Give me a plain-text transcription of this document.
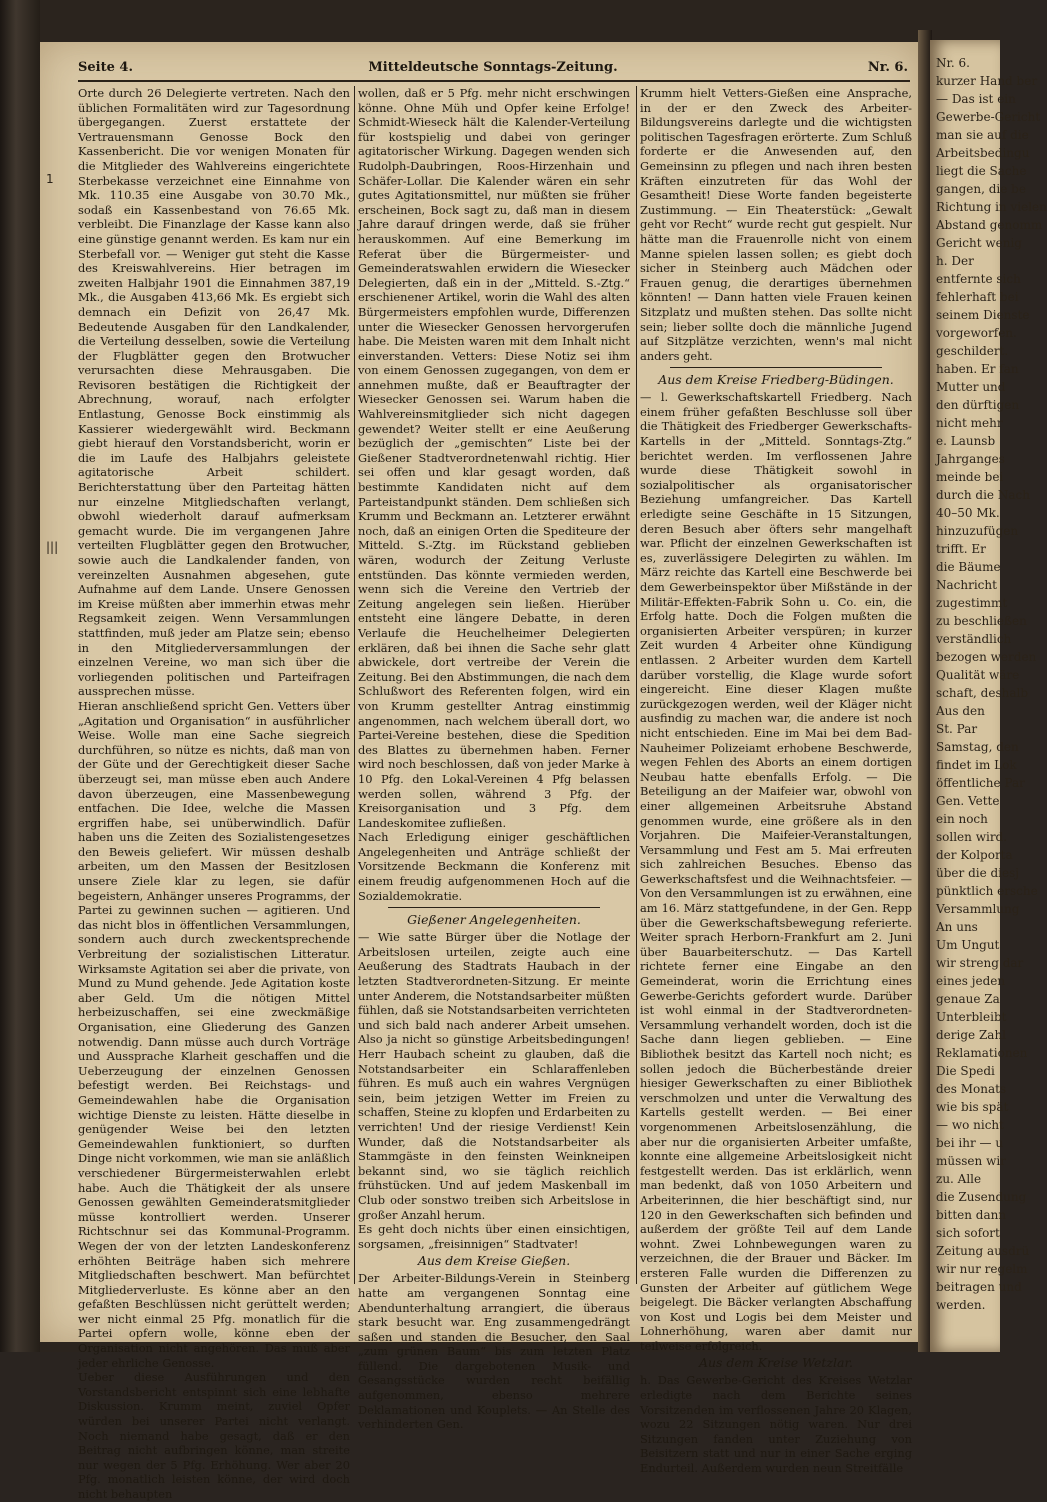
Nr. 6.
kurzer Hand ber
— Das ist ein
Gewerbe-Gericht
man sie auf die
Arbeitsbedingu
liegt die Sache
gangen, die be
Richtung in vielen
Abstand genomm
Gericht wenig
h. Der
entfernte sich
fehlerhaft bei
seinem Dienste
vorgeworfen.
geschildert.
haben. Er fan
Mutter und
den dürftigen
nicht mehr
e. Launsb
Jahrganges
meinde bei
durch die Nach
40–50 Mk.
hinzuzufügen
trifft. Er
die Bäume
Nachricht
zugestimmt
zu beschließen
verständlich
bezogen werden
Qualität wäre
schaft, deshalb
Aus den
St. Par
Samstag, den
findet im Lok
öffentliche Par
Gen. Vette
ein noch
sollen wird.
der Kolporta
über die diesj
pünktlich ersche
Versammlung
An uns
Um Ungut
wir streng dar
eines jeden
genaue Za
Unterbleibt
derige Zahl
Reklamationen
Die Spedi
des Monats
wie bis spät
— wo nicht
bei ihr — u
müssen wir
zu. Alle
die Zusendung
bitten dann
sich sofort
Zeitung ausdrü
wir nur regelm
beitragen und
werden.
Seite 4.	Mitteldeutsche Sonntags-Zeitung.	Nr. 6.
1
|||

Orte durch 26 Delegierte vertreten. Nach den üblichen Formalitäten wird zur Tagesordnung übergegangen. Zuerst erstattete der Vertrauensmann Genosse Bock den Kassenbericht. Die vor wenigen Monaten für die Mitglieder des Wahlvereins eingerichtete Sterbekasse verzeichnet eine Einnahme von Mk. 110.35 eine Ausgabe von 30.70 Mk., sodaß ein Kassenbestand von 76.65 Mk. verbleibt. Die Finanzlage der Kasse kann also eine günstige genannt werden. Es kam nur ein Sterbefall vor. — Weniger gut steht die Kasse des Kreiswahlvereins. Hier betragen im zweiten Halbjahr 1901 die Einnahmen 387,19 Mk., die Ausgaben 413,66 Mk. Es ergiebt sich demnach ein Defizit von 26,47 Mk. Bedeutende Ausgaben für den Landkalender, die Verteilung desselben, sowie die Verteilung der Flugblätter gegen den Brotwucher verursachten diese Mehrausgaben. Die Revisoren bestätigen die Richtigkeit der Abrechnung, worauf, nach erfolgter Entlastung, Genosse Bock einstimmig als Kassierer wiedergewählt wird. Beckmann giebt hierauf den Vorstandsbericht, worin er die im Laufe des Halbjahrs geleistete agitatorische Arbeit schildert. Berichterstattung über den Parteitag hätten nur einzelne Mitgliedschaften verlangt, obwohl wiederholt darauf aufmerksam gemacht wurde. Die im vergangenen Jahre verteilten Flugblätter gegen den Brotwucher, sowie auch die Landkalender fanden, von vereinzelten Ausnahmen abgesehen, gute Aufnahme auf dem Lande. Unsere Genossen im Kreise müßten aber immerhin etwas mehr Regsamkeit zeigen. Wenn Versammlungen stattfinden, muß jeder am Platze sein; ebenso in den Mitgliederversammlungen der einzelnen Vereine, wo man sich über die vorliegenden politischen und Parteifragen aussprechen müsse.

Hieran anschließend spricht Gen. Vetters über „Agitation und Organisation“ in ausführlicher Weise. Wolle man eine Sache siegreich durchführen, so nütze es nichts, daß man von der Güte und der Gerechtigkeit dieser Sache überzeugt sei, man müsse eben auch Andere davon überzeugen, eine Massenbewegung entfachen. Die Idee, welche die Massen ergriffen habe, sei unüberwindlich. Dafür haben uns die Zeiten des Sozialistengesetzes den Beweis geliefert. Wir müssen deshalb arbeiten, um den Massen der Besitzlosen unsere Ziele klar zu legen, sie dafür begeistern, Anhänger unseres Programms, der Partei zu gewinnen suchen — agitieren. Und das nicht blos in öffentlichen Versammlungen, sondern auch durch zweckentsprechende Verbreitung der sozialistischen Litteratur. Wirksamste Agitation sei aber die private, von Mund zu Mund gehende. Jede Agitation koste aber Geld. Um die nötigen Mittel herbeizuschaffen, sei eine zweckmäßige Organisation, eine Gliederung des Ganzen notwendig. Dann müsse auch durch Vorträge und Aussprache Klarheit geschaffen und die Ueberzeugung der einzelnen Genossen befestigt werden. Bei Reichstags- und Gemeindewahlen habe die Organisation wichtige Dienste zu leisten. Hätte dieselbe in genügender Weise bei den letzten Gemeindewahlen funktioniert, so durften Dinge nicht vorkommen, wie man sie anläßlich verschiedener Bürgermeisterwahlen erlebt habe. Auch die Thätigkeit der als unsere Genossen gewählten Gemeinderatsmitglieder müsse kontrolliert werden. Unserer Richtschnur sei das Kommunal-Programm. Wegen der von der letzten Landeskonferenz erhöhten Beiträge haben sich mehrere Mitgliedschaften beschwert. Man befürchtet Mitgliederverluste. Es könne aber an den gefaßten Beschlüssen nicht gerüttelt werden; wer nicht einmal 25 Pfg. monatlich für die Partei opfern wolle, könne eben der Organisation nicht angehören. Das muß aber jeder ehrliche Genosse.

Ueber diese Ausführungen und den Vorstandsbericht entspinnt sich eine lebhafte Diskussion. Krumm meint, zuviel Opfer würden bei unserer Partei nicht verlangt. Noch niemand habe gesagt, daß er den Beitrag nicht aufbringen könne, man streite nur wegen der 5 Pfg. Erhöhung. Wer aber 20 Pfg. monatlich leisten könne, der wird doch nicht behaupten

wollen, daß er 5 Pfg. mehr nicht erschwingen könne. Ohne Müh und Opfer keine Erfolge! Schmidt-Wieseck hält die Kalender-Verteilung für kostspielig und dabei von geringer agitatorischer Wirkung. Dagegen wenden sich Rudolph-Daubringen, Roos-Hirzenhain und Schäfer-Lollar. Die Kalender wären ein sehr gutes Agitationsmittel, nur müßten sie früher erscheinen, Bock sagt zu, daß man in diesem Jahre darauf dringen werde, daß sie früher herauskommen. Auf eine Bemerkung im Referat über die Bürgermeister- und Gemeinderatswahlen erwidern die Wiesecker Delegierten, daß ein in der „Mitteld. S.-Ztg.“ erschienener Artikel, worin die Wahl des alten Bürgermeisters empfohlen wurde, Differenzen unter die Wiesecker Genossen hervorgerufen habe. Die Meisten waren mit dem Inhalt nicht einverstanden. Vetters: Diese Notiz sei ihm von einem Genossen zugegangen, von dem er annehmen mußte, daß er Beauftragter der Wiesecker Genossen sei. Warum haben die Wahlvereinsmitglieder sich nicht dagegen gewendet? Weiter stellt er eine Aeußerung bezüglich der „gemischten“ Liste bei der Gießener Stadtverordnetenwahl richtig. Hier sei offen und klar gesagt worden, daß bestimmte Kandidaten nicht auf dem Parteistandpunkt ständen. Dem schließen sich Krumm und Beckmann an. Letzterer erwähnt noch, daß an einigen Orten die Spediteure der Mitteld. S.-Ztg. im Rückstand geblieben wären, wodurch der Zeitung Verluste entstünden. Das könnte vermieden werden, wenn sich die Vereine den Vertrieb der Zeitung angelegen sein ließen. Hierüber entsteht eine längere Debatte, in deren Verlaufe die Heuchelheimer Delegierten erklären, daß bei ihnen die Sache sehr glatt abwickele, dort vertreibe der Verein die Zeitung. Bei den Abstimmungen, die nach dem Schlußwort des Referenten folgen, wird ein von Krumm gestellter Antrag einstimmig angenommen, nach welchem überall dort, wo Partei-Vereine bestehen, diese die Spedition des Blattes zu übernehmen haben. Ferner wird noch beschlossen, daß von jeder Marke à 10 Pfg. den Lokal-Vereinen 4 Pfg belassen werden sollen, während 3 Pfg. der Kreisorganisation und 3 Pfg. dem Landeskomitee zufließen.

Nach Erledigung einiger geschäftlichen Angelegenheiten und Anträge schließt der Vorsitzende Beckmann die Konferenz mit einem freudig aufgenommenen Hoch auf die Sozialdemokratie.

Gießener Angelegenheiten.

— Wie satte Bürger über die Notlage der Arbeitslosen urteilen, zeigte auch eine Aeußerung des Stadtrats Haubach in der letzten Stadtverordneten-Sitzung. Er meinte unter Anderem, die Notstandsarbeiter müßten fühlen, daß sie Notstandsarbeiten verrichteten und sich bald nach anderer Arbeit umsehen. Also ja nicht so günstige Arbeitsbedingungen! Herr Haubach scheint zu glauben, daß die Notstandsarbeiter ein Schlaraffenleben führen. Es muß auch ein wahres Vergnügen sein, beim jetzigen Wetter im Freien zu schaffen, Steine zu klopfen und Erdarbeiten zu verrichten! Und der riesige Verdienst! Kein Wunder, daß die Notstandsarbeiter als Stammgäste in den feinsten Weinkneipen bekannt sind, wo sie täglich reichlich frühstücken. Und auf jedem Maskenball im Club oder sonstwo treiben sich Arbeitslose in großer Anzahl herum.

Es geht doch nichts über einen einsichtigen, sorgsamen, „freisinnigen“ Stadtvater!

Aus dem Kreise Gießen.

Der Arbeiter-Bildungs-Verein in Steinberg hatte am vergangenen Sonntag eine Abendunterhaltung arrangiert, die überaus stark besucht war. Eng zusammengedrängt saßen und standen die Besucher, den Saal „zum grünen Baum“ bis zum letzten Platz füllend. Die dargebotenen Musik- und Gesangsstücke wurden recht beifällig aufgenommen, ebenso mehrere Deklamationen und Kouplets. — An Stelle des verhinderten Gen.

Krumm hielt Vetters-Gießen eine Ansprache, in der er den Zweck des Arbeiter-Bildungsvereins darlegte und die wichtigsten politischen Tagesfragen erörterte. Zum Schluß forderte er die Anwesenden auf, den Gemeinsinn zu pflegen und nach ihren besten Kräften einzutreten für das Wohl der Gesamtheit! Diese Worte fanden begeisterte Zustimmung. — Ein Theaterstück: „Gewalt geht vor Recht“ wurde recht gut gespielt. Nur hätte man die Frauenrolle nicht von einem Manne spielen lassen sollen; es giebt doch sicher in Steinberg auch Mädchen oder Frauen genug, die derartiges übernehmen könnten! — Dann hatten viele Frauen keinen Sitzplatz und mußten stehen. Das sollte nicht sein; lieber sollte doch die männliche Jugend auf Sitzplätze verzichten, wenn's mal nicht anders geht.

Aus dem Kreise Friedberg-Büdingen.

— l. Gewerkschaftskartell Friedberg. Nach einem früher gefaßten Beschlusse soll über die Thätigkeit des Friedberger Gewerkschafts-Kartells in der „Mitteld. Sonntags-Ztg.“ berichtet werden. Im verflossenen Jahre wurde diese Thätigkeit sowohl in sozialpolitischer als organisatorischer Beziehung umfangreicher. Das Kartell erledigte seine Geschäfte in 15 Sitzungen, deren Besuch aber öfters sehr mangelhaft war. Pflicht der einzelnen Gewerkschaften ist es, zuverlässigere Delegirten zu wählen. Im März reichte das Kartell eine Beschwerde bei dem Gewerbeinspektor über Mißstände in der Militär-Effekten-Fabrik Sohn u. Co. ein, die Erfolg hatte. Doch die Folgen mußten die organisierten Arbeiter verspüren; in kurzer Zeit wurden 4 Arbeiter ohne Kündigung entlassen. 2 Arbeiter wurden dem Kartell darüber vorstellig, die Klage wurde sofort eingereicht. Eine dieser Klagen mußte zurückgezogen werden, weil der Kläger nicht ausfindig zu machen war, die andere ist noch nicht entschieden. Eine im Mai bei dem Bad-Nauheimer Polizeiamt erhobene Beschwerde, wegen Fehlen des Aborts an einem dortigen Neubau hatte ebenfalls Erfolg. — Die Beteiligung an der Maifeier war, obwohl von einer allgemeinen Arbeitsruhe Abstand genommen wurde, eine größere als in den Vorjahren. Die Maifeier-Veranstaltungen, Versammlung und Fest am 5. Mai erfreuten sich zahlreichen Besuches. Ebenso das Gewerkschaftsfest und die Weihnachtsfeier. — Von den Versammlungen ist zu erwähnen, eine am 16. März stattgefundene, in der Gen. Repp über die Gewerkschaftsbewegung referierte. Weiter sprach Herborn-Frankfurt am 2. Juni über Bauarbeiterschutz. — Das Kartell richtete ferner eine Eingabe an den Gemeinderat, worin die Errichtung eines Gewerbe-Gerichts gefordert wurde. Darüber ist wohl einmal in der Stadtverordneten-Versammlung verhandelt worden, doch ist die Sache dann liegen geblieben. — Eine Bibliothek besitzt das Kartell noch nicht; es sollen jedoch die Bücherbestände dreier hiesiger Gewerkschaften zu einer Bibliothek verschmolzen und unter die Verwaltung des Kartells gestellt werden. — Bei einer vorgenommenen Arbeitslosenzählung, die aber nur die organisierten Arbeiter umfaßte, konnte eine allgemeine Arbeitslosigkeit nicht festgestellt werden. Das ist erklärlich, wenn man bedenkt, daß von 1050 Arbeitern und Arbeiterinnen, die hier beschäftigt sind, nur 120 in den Gewerkschaften sich befinden und außerdem der größte Teil auf dem Lande wohnt. Zwei Lohnbewegungen waren zu verzeichnen, die der Brauer und Bäcker. Im ersteren Falle wurden die Differenzen zu Gunsten der Arbeiter auf gütlichem Wege beigelegt. Die Bäcker verlangten Abschaffung von Kost und Logis bei dem Meister und Lohnerhöhung, waren aber damit nur teilweise erfolgreich.

Aus dem Kreise Wetzlar.

h. Das Gewerbe-Gericht des Kreises Wetzlar erledigte nach dem Berichte seines Vorsitzenden im verflossenen Jahre 20 Klagen, wozu 22 Sitzungen nötig waren. Nur drei Sitzungen fanden unter Zuziehung von Beisitzern statt und nur in einer Sache erging Endurteil. Außerdem wurden neun Streitfälle
